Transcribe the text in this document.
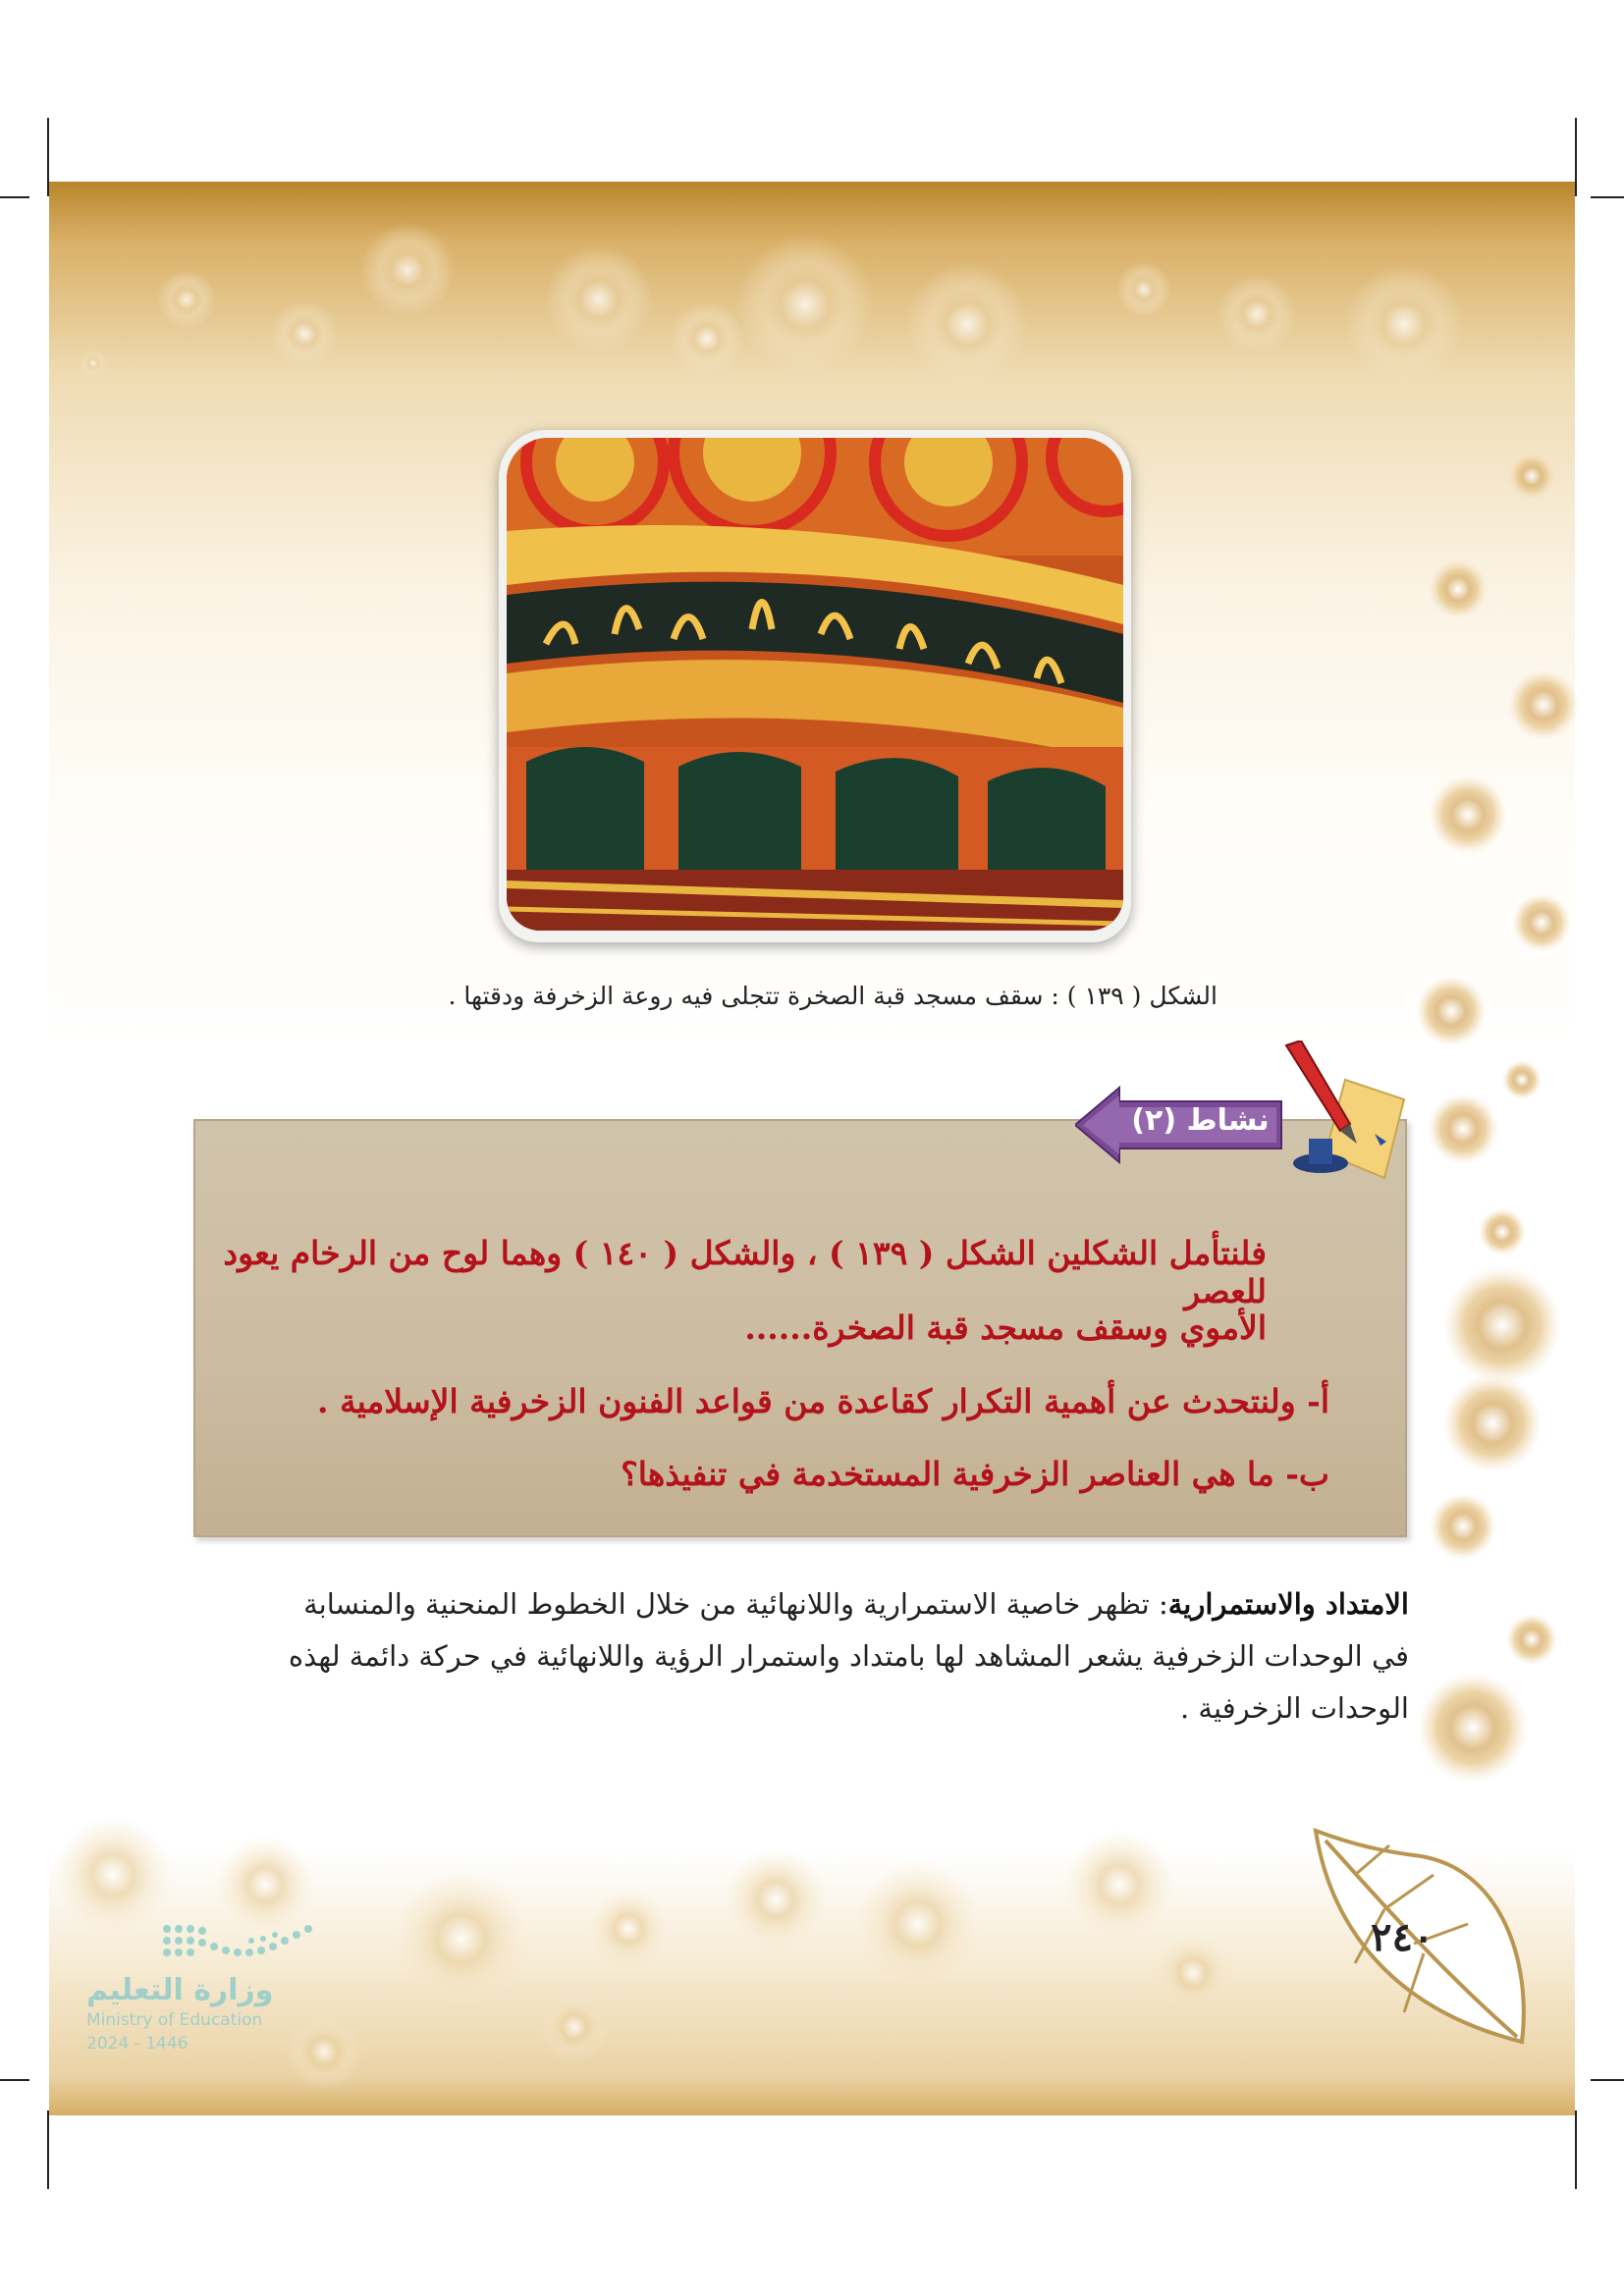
الشكل ( ١٣٩ ) : سقف مسجد قبة الصخرة تتجلى فيه روعة الزخرفة ودقتها .
نشاط (٢)
فلنتأمل الشكلين الشكل ( ١٣٩ ) ، والشكل ( ١٤٠ ) وهما لوح من الرخام يعود للعصر
الأموي وسقف مسجد قبة الصخرة......
أ- ولنتحدث عن أهمية التكرار كقاعدة من قواعد الفنون الزخرفية الإسلامية .
ب- ما هي العناصر الزخرفية المستخدمة في تنفيذها؟
الامتداد والاستمرارية: تظهر خاصية الاستمرارية واللانهائية من خلال الخطوط المنحنية والمنسابة
في الوحدات الزخرفية يشعر المشاهد لها بامتداد واستمرار الرؤية واللانهائية في حركة دائمة لهذه
الوحدات الزخرفية .
٢٤٠
وزارة التعليم
Ministry of Education
2024 - 1446
